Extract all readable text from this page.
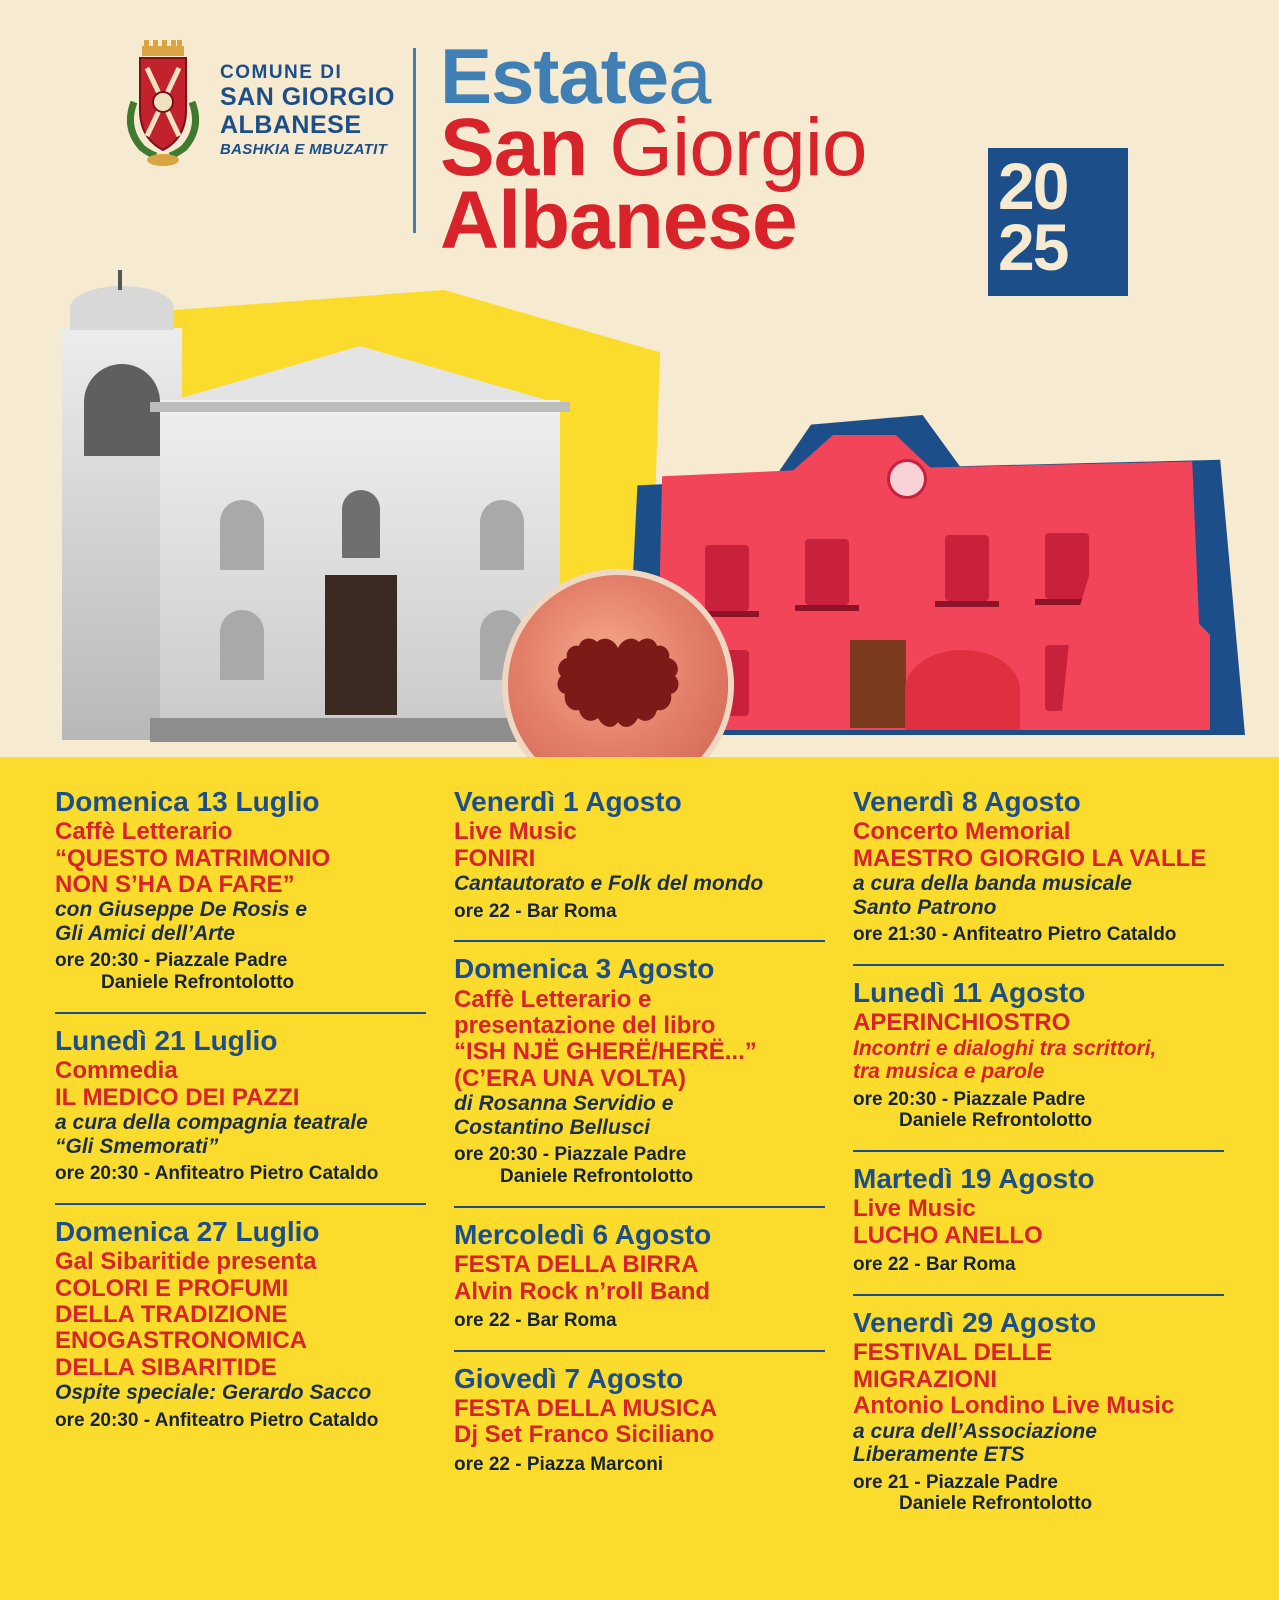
COMUNE DI
SAN GIORGIO
ALBANESE
BASHKIA E MBUZATIT
Estatea
San Giorgio
Albanese	20
25
Domenica 13 Luglio
Caffè Letterario
“QUESTO MATRIMONIO
NON S’HA DA FARE”
con Giuseppe De Rosis e
Gli Amici dell’Arte
ore 20:30 - Piazzale Padre
Daniele Refrontolotto
Lunedì 21 Luglio
Commedia
IL MEDICO DEI PAZZI
a cura della compagnia teatrale
“Gli Smemorati”
ore 20:30 - Anfiteatro Pietro Cataldo
Domenica 27 Luglio
Gal Sibaritide presenta
COLORI E PROFUMI
DELLA TRADIZIONE
ENOGASTRONOMICA
DELLA SIBARITIDE
Ospite speciale: Gerardo Sacco
ore 20:30 - Anfiteatro Pietro Cataldo
Venerdì 1 Agosto
Live Music
FONIRI
Cantautorato e Folk del mondo
ore 22 - Bar Roma
Domenica 3 Agosto
Caffè Letterario e
presentazione del libro
“ISH NJË GHERË/HERË...”
(C’ERA UNA VOLTA)
di Rosanna Servidio e
Costantino Bellusci
ore 20:30 - Piazzale Padre
Daniele Refrontolotto
Mercoledì 6 Agosto
FESTA DELLA BIRRA
Alvin Rock n’roll Band
ore 22 - Bar Roma
Giovedì 7 Agosto
FESTA DELLA MUSICA
Dj Set Franco Siciliano
ore 22 - Piazza Marconi
Venerdì 8 Agosto
Concerto Memorial
MAESTRO GIORGIO LA VALLE
a cura della banda musicale
Santo Patrono
ore 21:30 - Anfiteatro Pietro Cataldo
Lunedì 11 Agosto
APERINCHIOSTRO
Incontri e dialoghi tra scrittori,
tra musica e parole
ore 20:30 - Piazzale Padre
Daniele Refrontolotto
Martedì 19 Agosto
Live Music
LUCHO ANELLO
ore 22 - Bar Roma
Venerdì 29 Agosto
FESTIVAL DELLE
MIGRAZIONI
Antonio Londino Live Music
a cura dell’Associazione
Liberamente ETS
ore 21 - Piazzale Padre
Daniele Refrontolotto
